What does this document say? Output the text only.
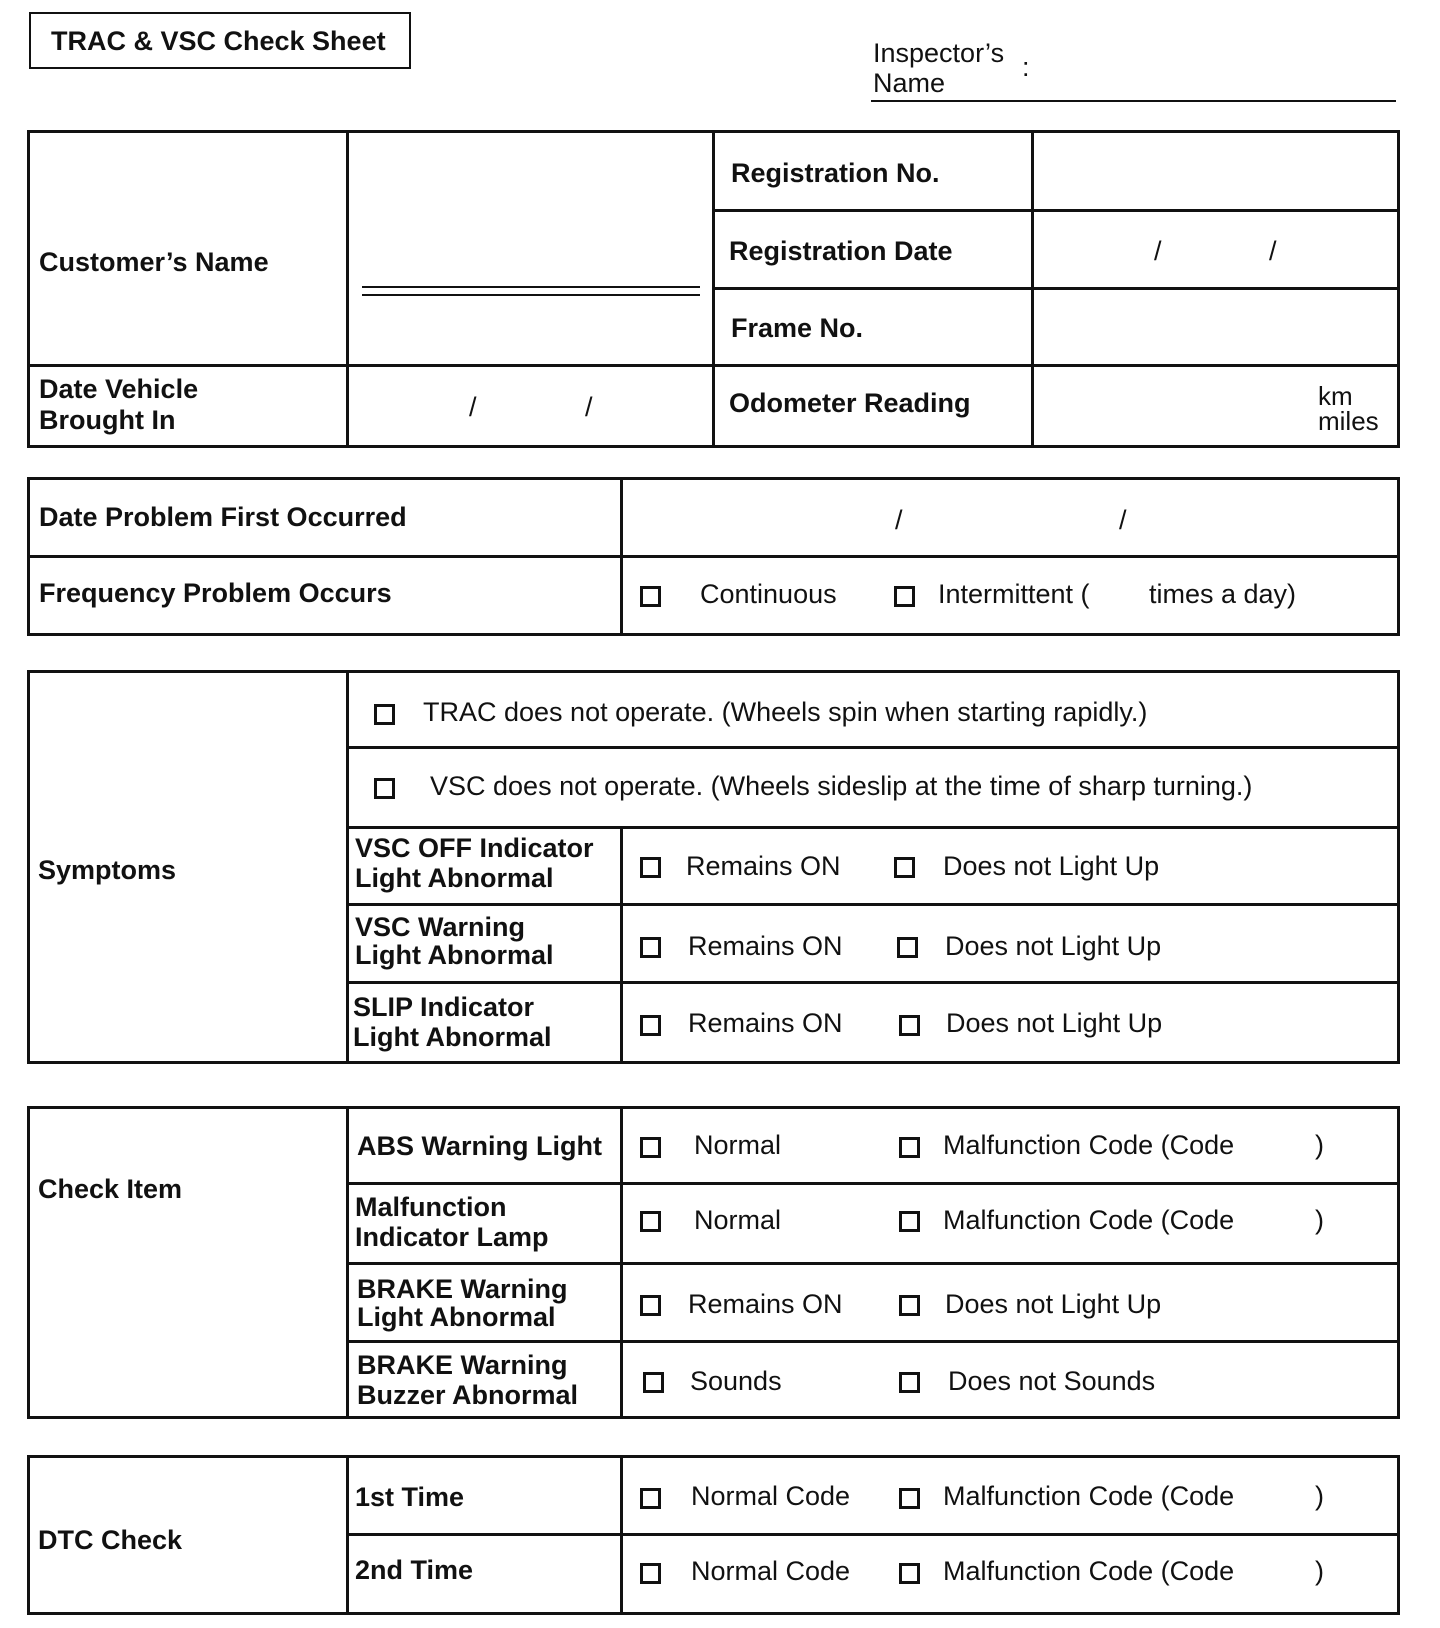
TRAC & VSC Check Sheet	Inspector’s
Name
:
Customer’s Name
Registration No.
Registration Date	/	/
Frame No.
Date Vehicle
Brought In	/	/	Odometer Reading	km
miles
Date Problem First Occurred	/	/
Frequency Problem Occurs	Continuous	Intermittent ( times a day)
Symptoms
TRAC does not operate. (Wheels spin when starting rapidly.)
VSC does not operate. (Wheels sideslip at the time of sharp turning.)
VSC OFF Indicator
Light Abnormal	Remains ON	Does not Light Up
VSC Warning
Light Abnormal	Remains ON	Does not Light Up
SLIP Indicator
Light Abnormal	Remains ON	Does not Light Up
Check Item
ABS Warning Light	Normal	Malfunction Code (Code	)
Malfunction
Indicator Lamp
Normal	Malfunction Code (Code	)
BRAKE Warning
Light Abnormal	Remains ON	Does not Light Up
BRAKE Warning
Buzzer Abnormal	Sounds	Does not Sounds
DTC Check
1st Time	Normal Code	Malfunction Code (Code	)
2nd Time	Normal Code	Malfunction Code (Code	)
